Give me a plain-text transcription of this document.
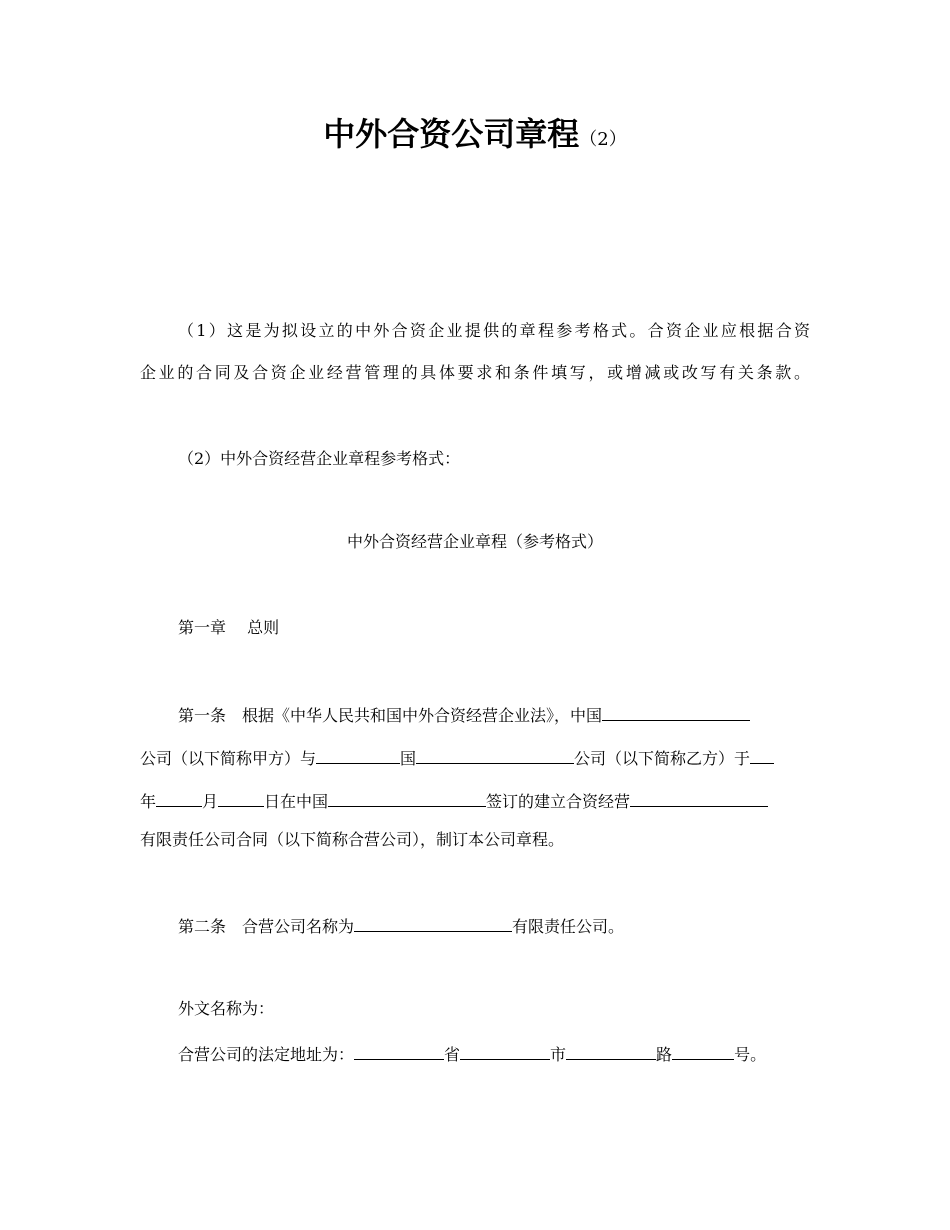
中外合资公司章程（2）
（1）这是为拟设立的中外合资企业提供的章程参考格式。合资企业应根据合资
企业的合同及合资企业经营管理的具体要求和条件填写，或增减或改写有关条款。
（2）中外合资经营企业章程参考格式：
中外合资经营企业章程（参考格式）
第一章　 总则
第一条　根据《中华人民共和国中外合资经营企业法》，中国
公司（以下简称甲方）与	国	公司（以下简称乙方）于
年	月	日在中国	签订的建立合资经营
有限责任公司合同（以下简称合营公司），制订本公司章程。
第二条　合营公司名称为	有限责任公司。
外文名称为：
合营公司的法定地址为：	省	市	路	号。
